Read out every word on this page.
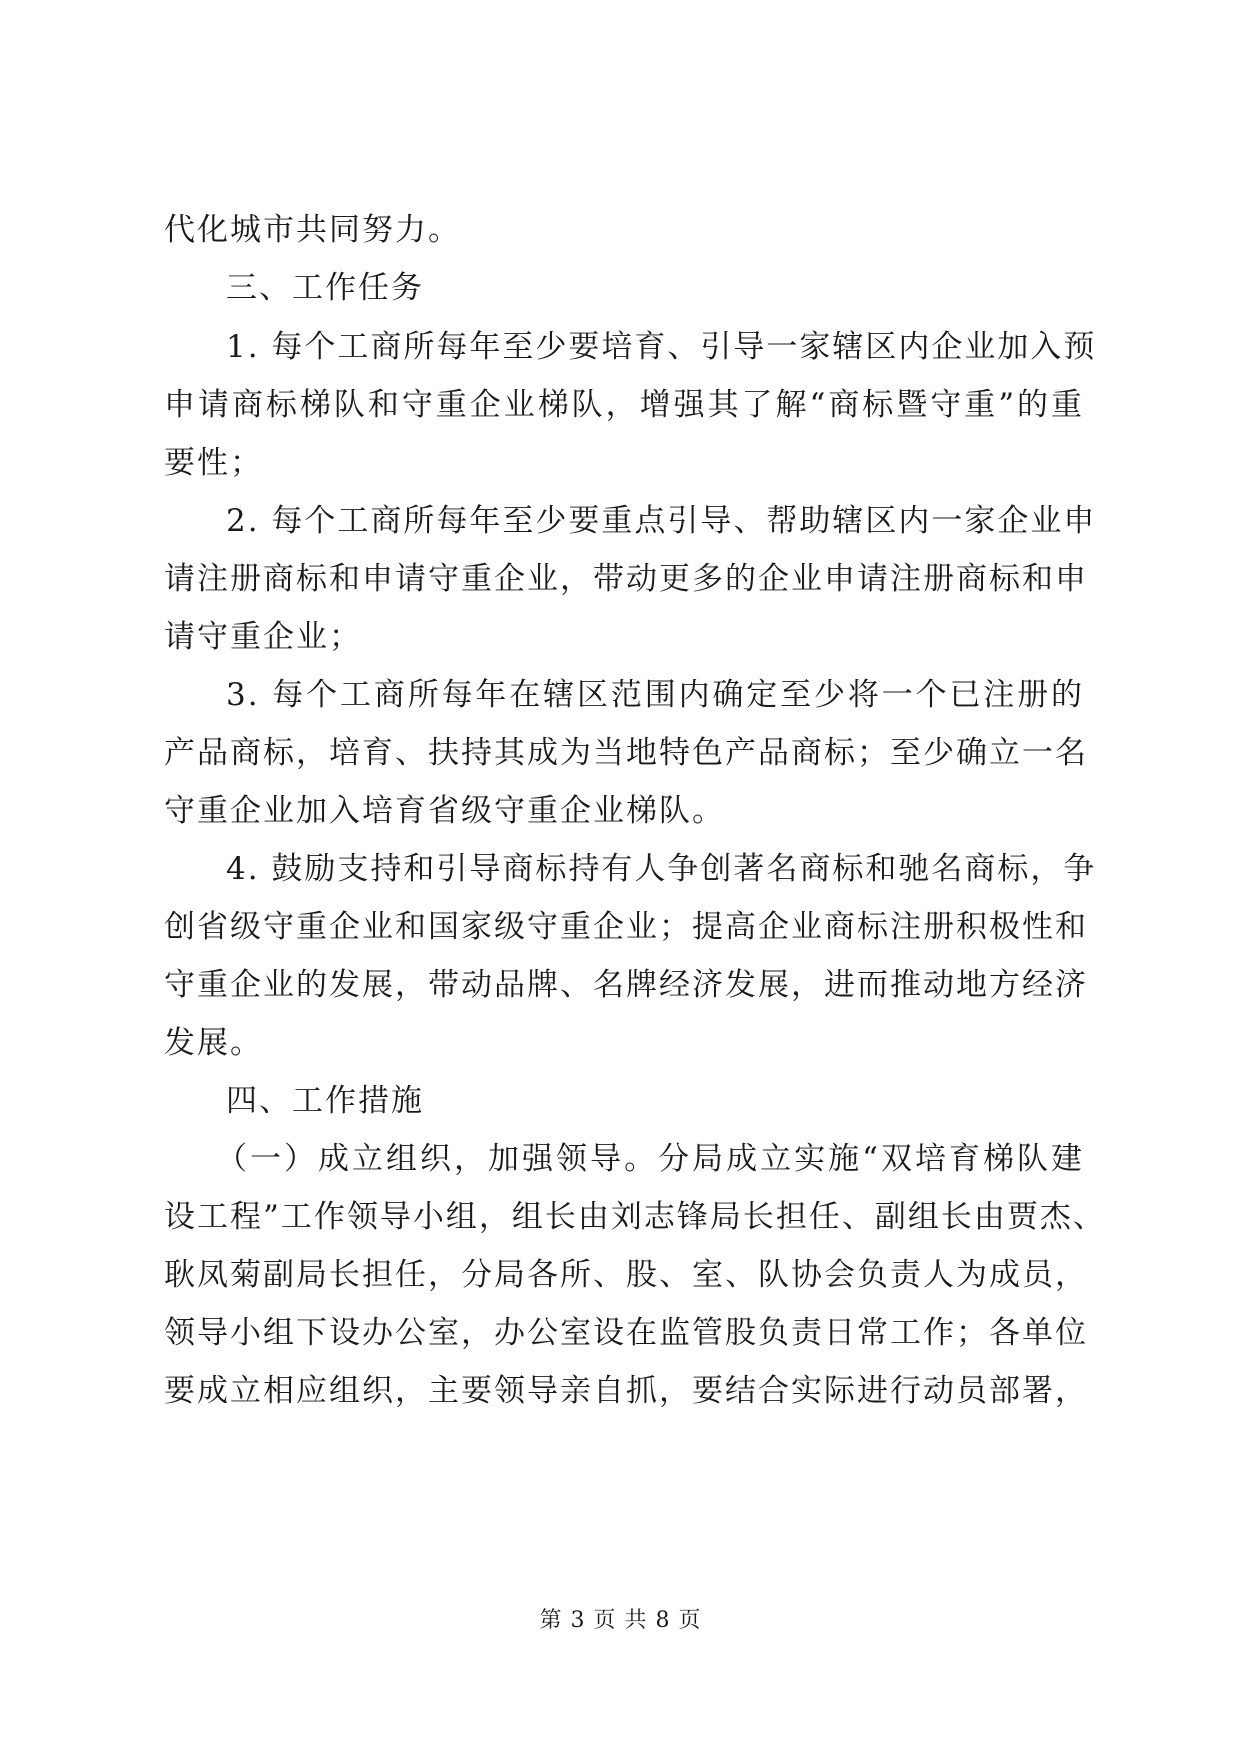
代化城市共同努力。
三、工作任务
1. 每个工商所每年至少要培育、引导一家辖区内企业加入预
申请商标梯队和守重企业梯队，增强其了解“商标暨守重”的重
要性；
2. 每个工商所每年至少要重点引导、帮助辖区内一家企业申
请注册商标和申请守重企业，带动更多的企业申请注册商标和申
请守重企业；
3. 每个工商所每年在辖区范围内确定至少将一个已注册的
产品商标，培育、扶持其成为当地特色产品商标；至少确立一名
守重企业加入培育省级守重企业梯队。
4. 鼓励支持和引导商标持有人争创著名商标和驰名商标，争
创省级守重企业和国家级守重企业；提高企业商标注册积极性和
守重企业的发展，带动品牌、名牌经济发展，进而推动地方经济
发展。
四、工作措施
（一）成立组织，加强领导。分局成立实施“双培育梯队建
设工程”工作领导小组，组长由刘志锋局长担任、副组长由贾杰、
耿凤菊副局长担任，分局各所、股、室、队协会负责人为成员，
领导小组下设办公室，办公室设在监管股负责日常工作；各单位
要成立相应组织，主要领导亲自抓，要结合实际进行动员部署，
第 3 页 共 8 页
